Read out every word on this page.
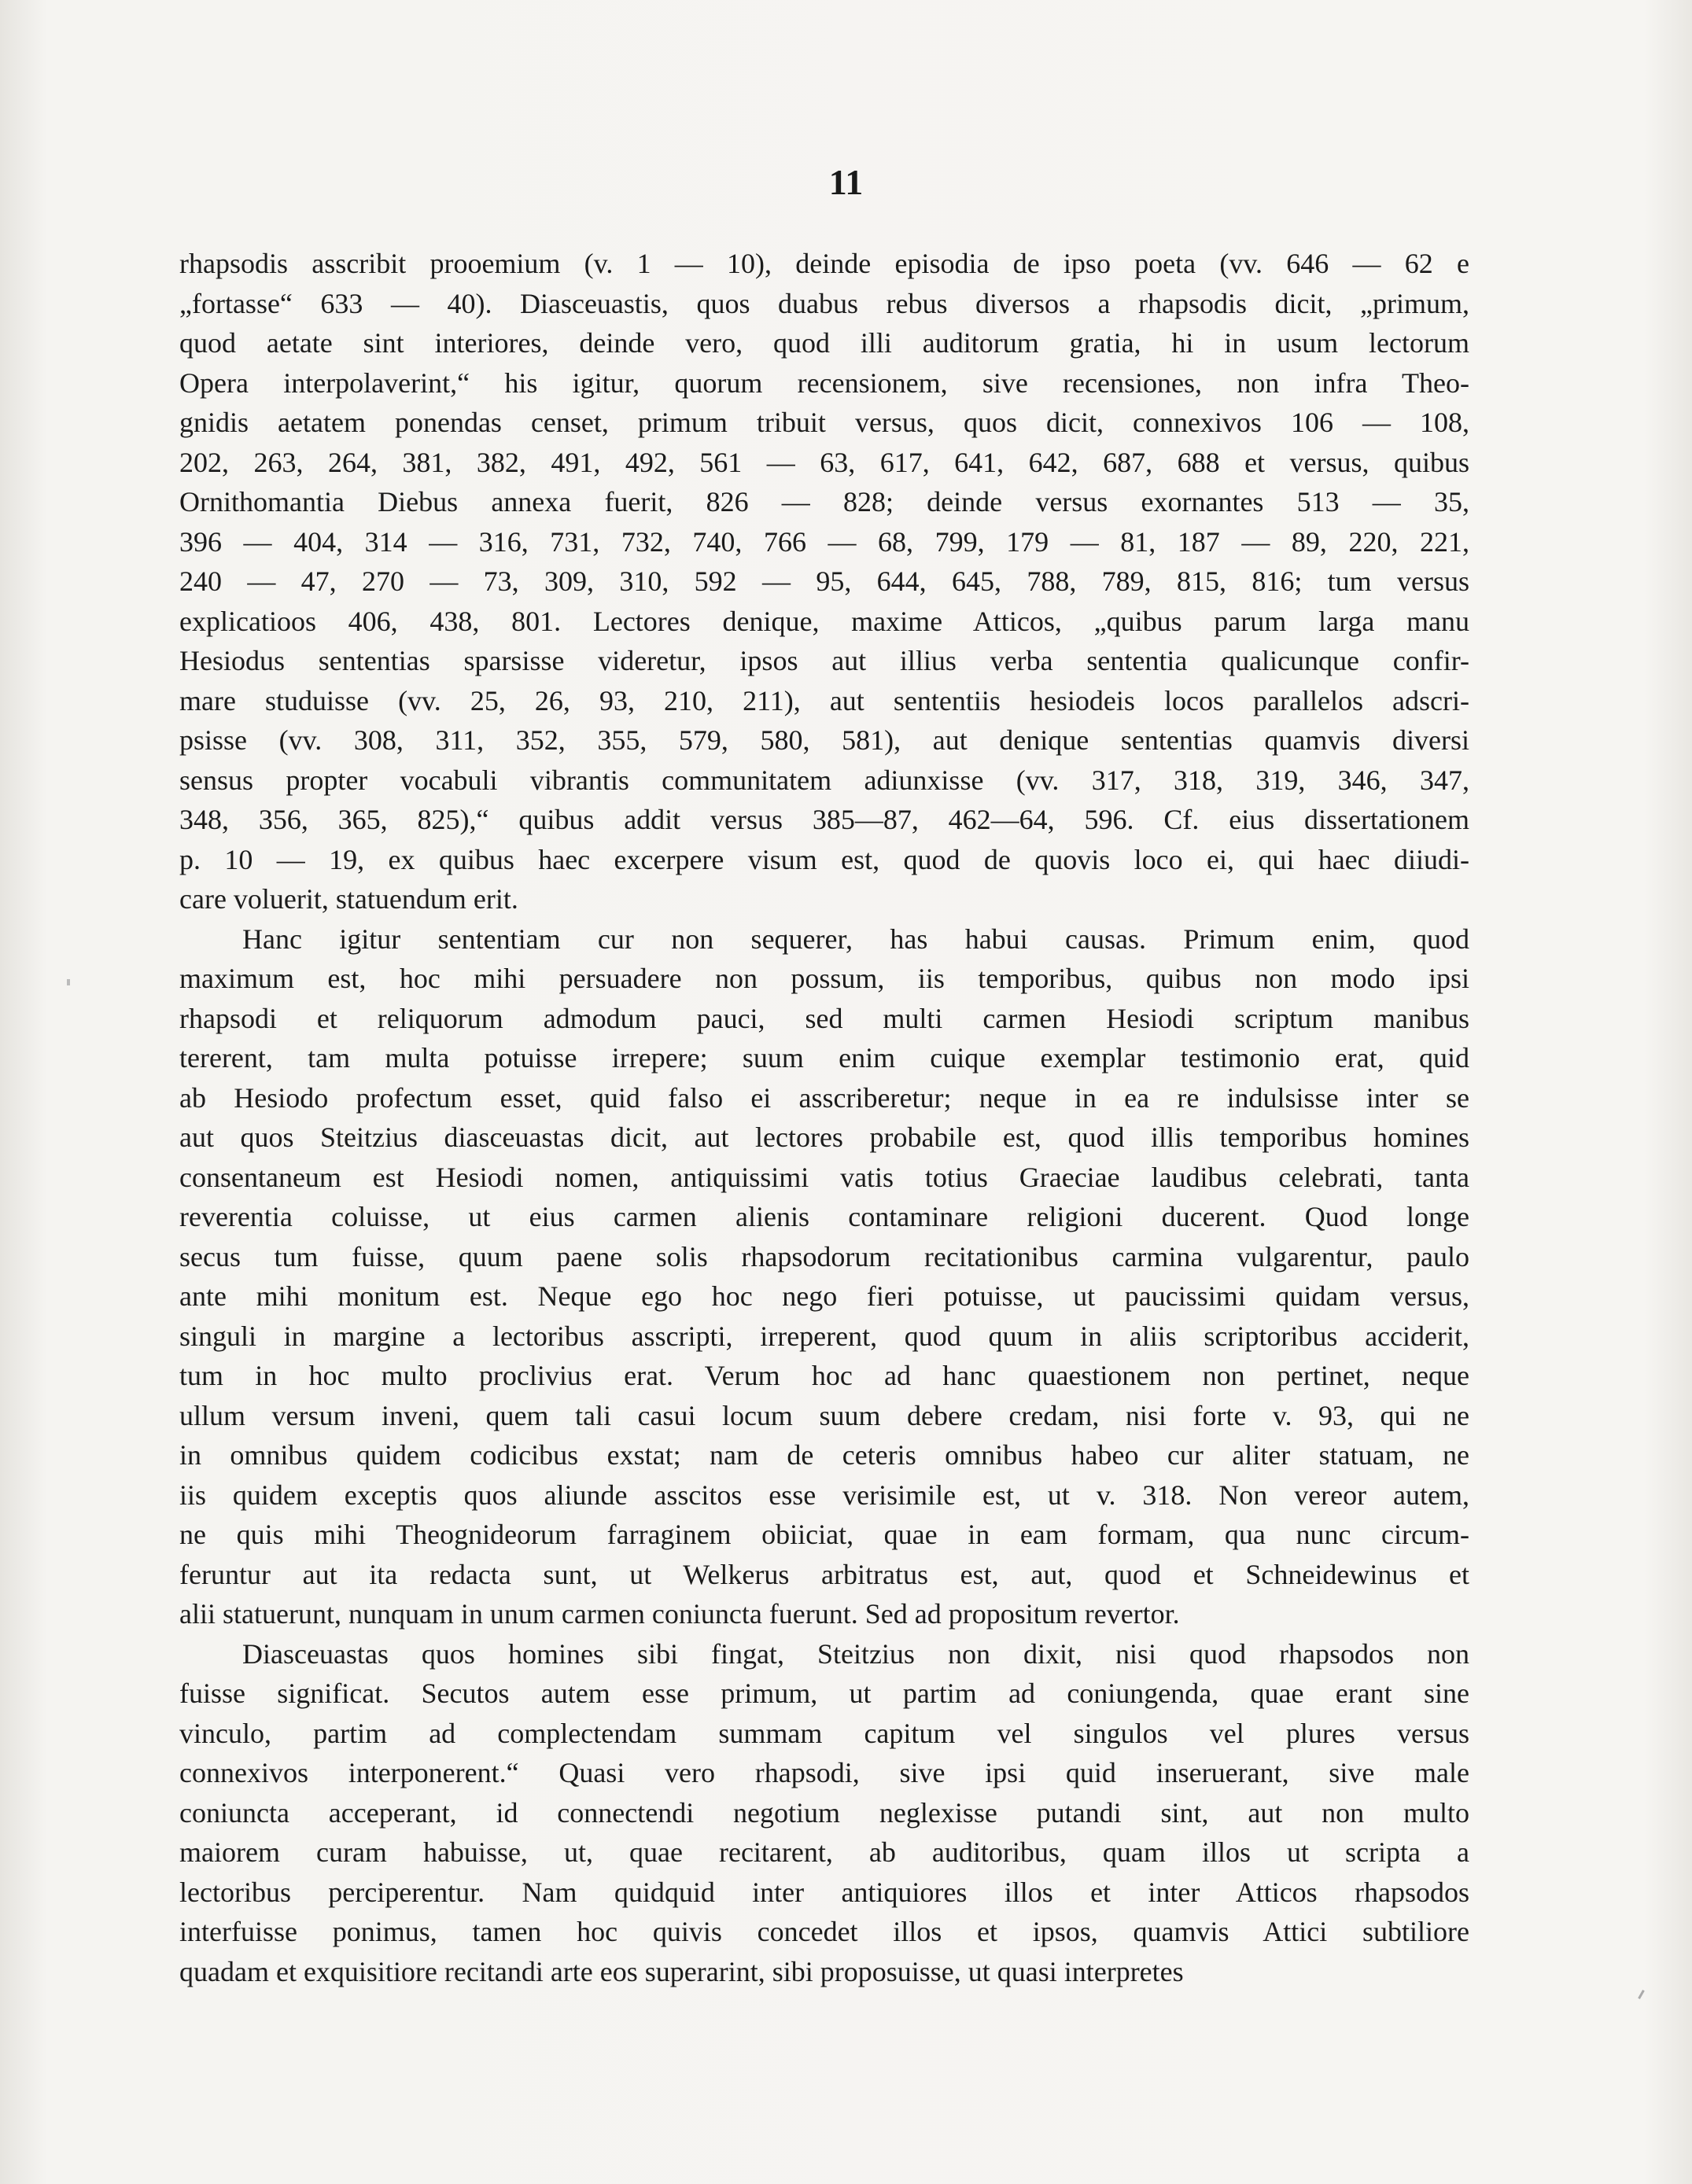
11

rhapsodis asscribit prooemium (v. 1 — 10), deinde episodia de ipso poeta (vv. 646 — 62 e
„fortasse“ 633 — 40). Diasceuastis, quos duabus rebus diversos a rhapsodis dicit, „primum,
quod aetate sint interiores, deinde vero, quod illi auditorum gratia, hi in usum lectorum
Opera interpolaverint,“ his igitur, quorum recensionem, sive recensiones, non infra Theo-
gnidis aetatem ponendas censet, primum tribuit versus, quos dicit, connexivos 106 — 108,
202, 263, 264, 381, 382, 491, 492, 561 — 63, 617, 641, 642, 687, 688 et versus, quibus
Ornithomantia Diebus annexa fuerit, 826 — 828; deinde versus exornantes 513 — 35,
396 — 404, 314 — 316, 731, 732, 740, 766 — 68, 799, 179 — 81, 187 — 89, 220, 221,
240 — 47, 270 — 73, 309, 310, 592 — 95, 644, 645, 788, 789, 815, 816; tum versus
explicatioos 406, 438, 801. Lectores denique, maxime Atticos, „quibus parum larga manu
Hesiodus sententias sparsisse videretur, ipsos aut illius verba sententia qualicunque confir-
mare studuisse (vv. 25, 26, 93, 210, 211), aut sententiis hesiodeis locos parallelos adscri-
psisse (vv. 308, 311, 352, 355, 579, 580, 581), aut denique sententias quamvis diversi
sensus propter vocabuli vibrantis communitatem adiunxisse (vv. 317, 318, 319, 346, 347,
348, 356, 365, 825),“ quibus addit versus 385—87, 462—64, 596. Cf. eius dissertationem
p. 10 — 19, ex quibus haec excerpere visum est, quod de quovis loco ei, qui haec diiudi-
care voluerit, statuendum erit.

Hanc igitur sententiam cur non sequerer, has habui causas. Primum enim, quod
maximum est, hoc mihi persuadere non possum, iis temporibus, quibus non modo ipsi
rhapsodi et reliquorum admodum pauci, sed multi carmen Hesiodi scriptum manibus
tererent, tam multa potuisse irrepere; suum enim cuique exemplar testimonio erat, quid
ab Hesiodo profectum esset, quid falso ei asscriberetur; neque in ea re indulsisse inter se
aut quos Steitzius diasceuastas dicit, aut lectores probabile est, quod illis temporibus homines
consentaneum est Hesiodi nomen, antiquissimi vatis totius Graeciae laudibus celebrati, tanta
reverentia coluisse, ut eius carmen alienis contaminare religioni ducerent. Quod longe
secus tum fuisse, quum paene solis rhapsodorum recitationibus carmina vulgarentur, paulo
ante mihi monitum est. Neque ego hoc nego fieri potuisse, ut paucissimi quidam versus,
singuli in margine a lectoribus asscripti, irreperent, quod quum in aliis scriptoribus acciderit,
tum in hoc multo proclivius erat. Verum hoc ad hanc quaestionem non pertinet, neque
ullum versum inveni, quem tali casui locum suum debere credam, nisi forte v. 93, qui ne
in omnibus quidem codicibus exstat; nam de ceteris omnibus habeo cur aliter statuam, ne
iis quidem exceptis quos aliunde asscitos esse verisimile est, ut v. 318. Non vereor autem,
ne quis mihi Theognideorum farraginem obiiciat, quae in eam formam, qua nunc circum-
feruntur aut ita redacta sunt, ut Welkerus arbitratus est, aut, quod et Schneidewinus et
alii statuerunt, nunquam in unum carmen coniuncta fuerunt. Sed ad propositum revertor.

Diasceuastas quos homines sibi fingat, Steitzius non dixit, nisi quod rhapsodos non
fuisse significat. Secutos autem esse primum, ut partim ad coniungenda, quae erant sine
vinculo, partim ad complectendam summam capitum vel singulos vel plures versus
connexivos interponerent.“ Quasi vero rhapsodi, sive ipsi quid inseruerant, sive male
coniuncta acceperant, id connectendi negotium neglexisse putandi sint, aut non multo
maiorem curam habuisse, ut, quae recitarent, ab auditoribus, quam illos ut scripta a
lectoribus perciperentur. Nam quidquid inter antiquiores illos et inter Atticos rhapsodos
interfuisse ponimus, tamen hoc quivis concedet illos et ipsos, quamvis Attici subtiliore
quadam et exquisitiore recitandi arte eos superarint, sibi proposuisse, ut quasi interpretes
